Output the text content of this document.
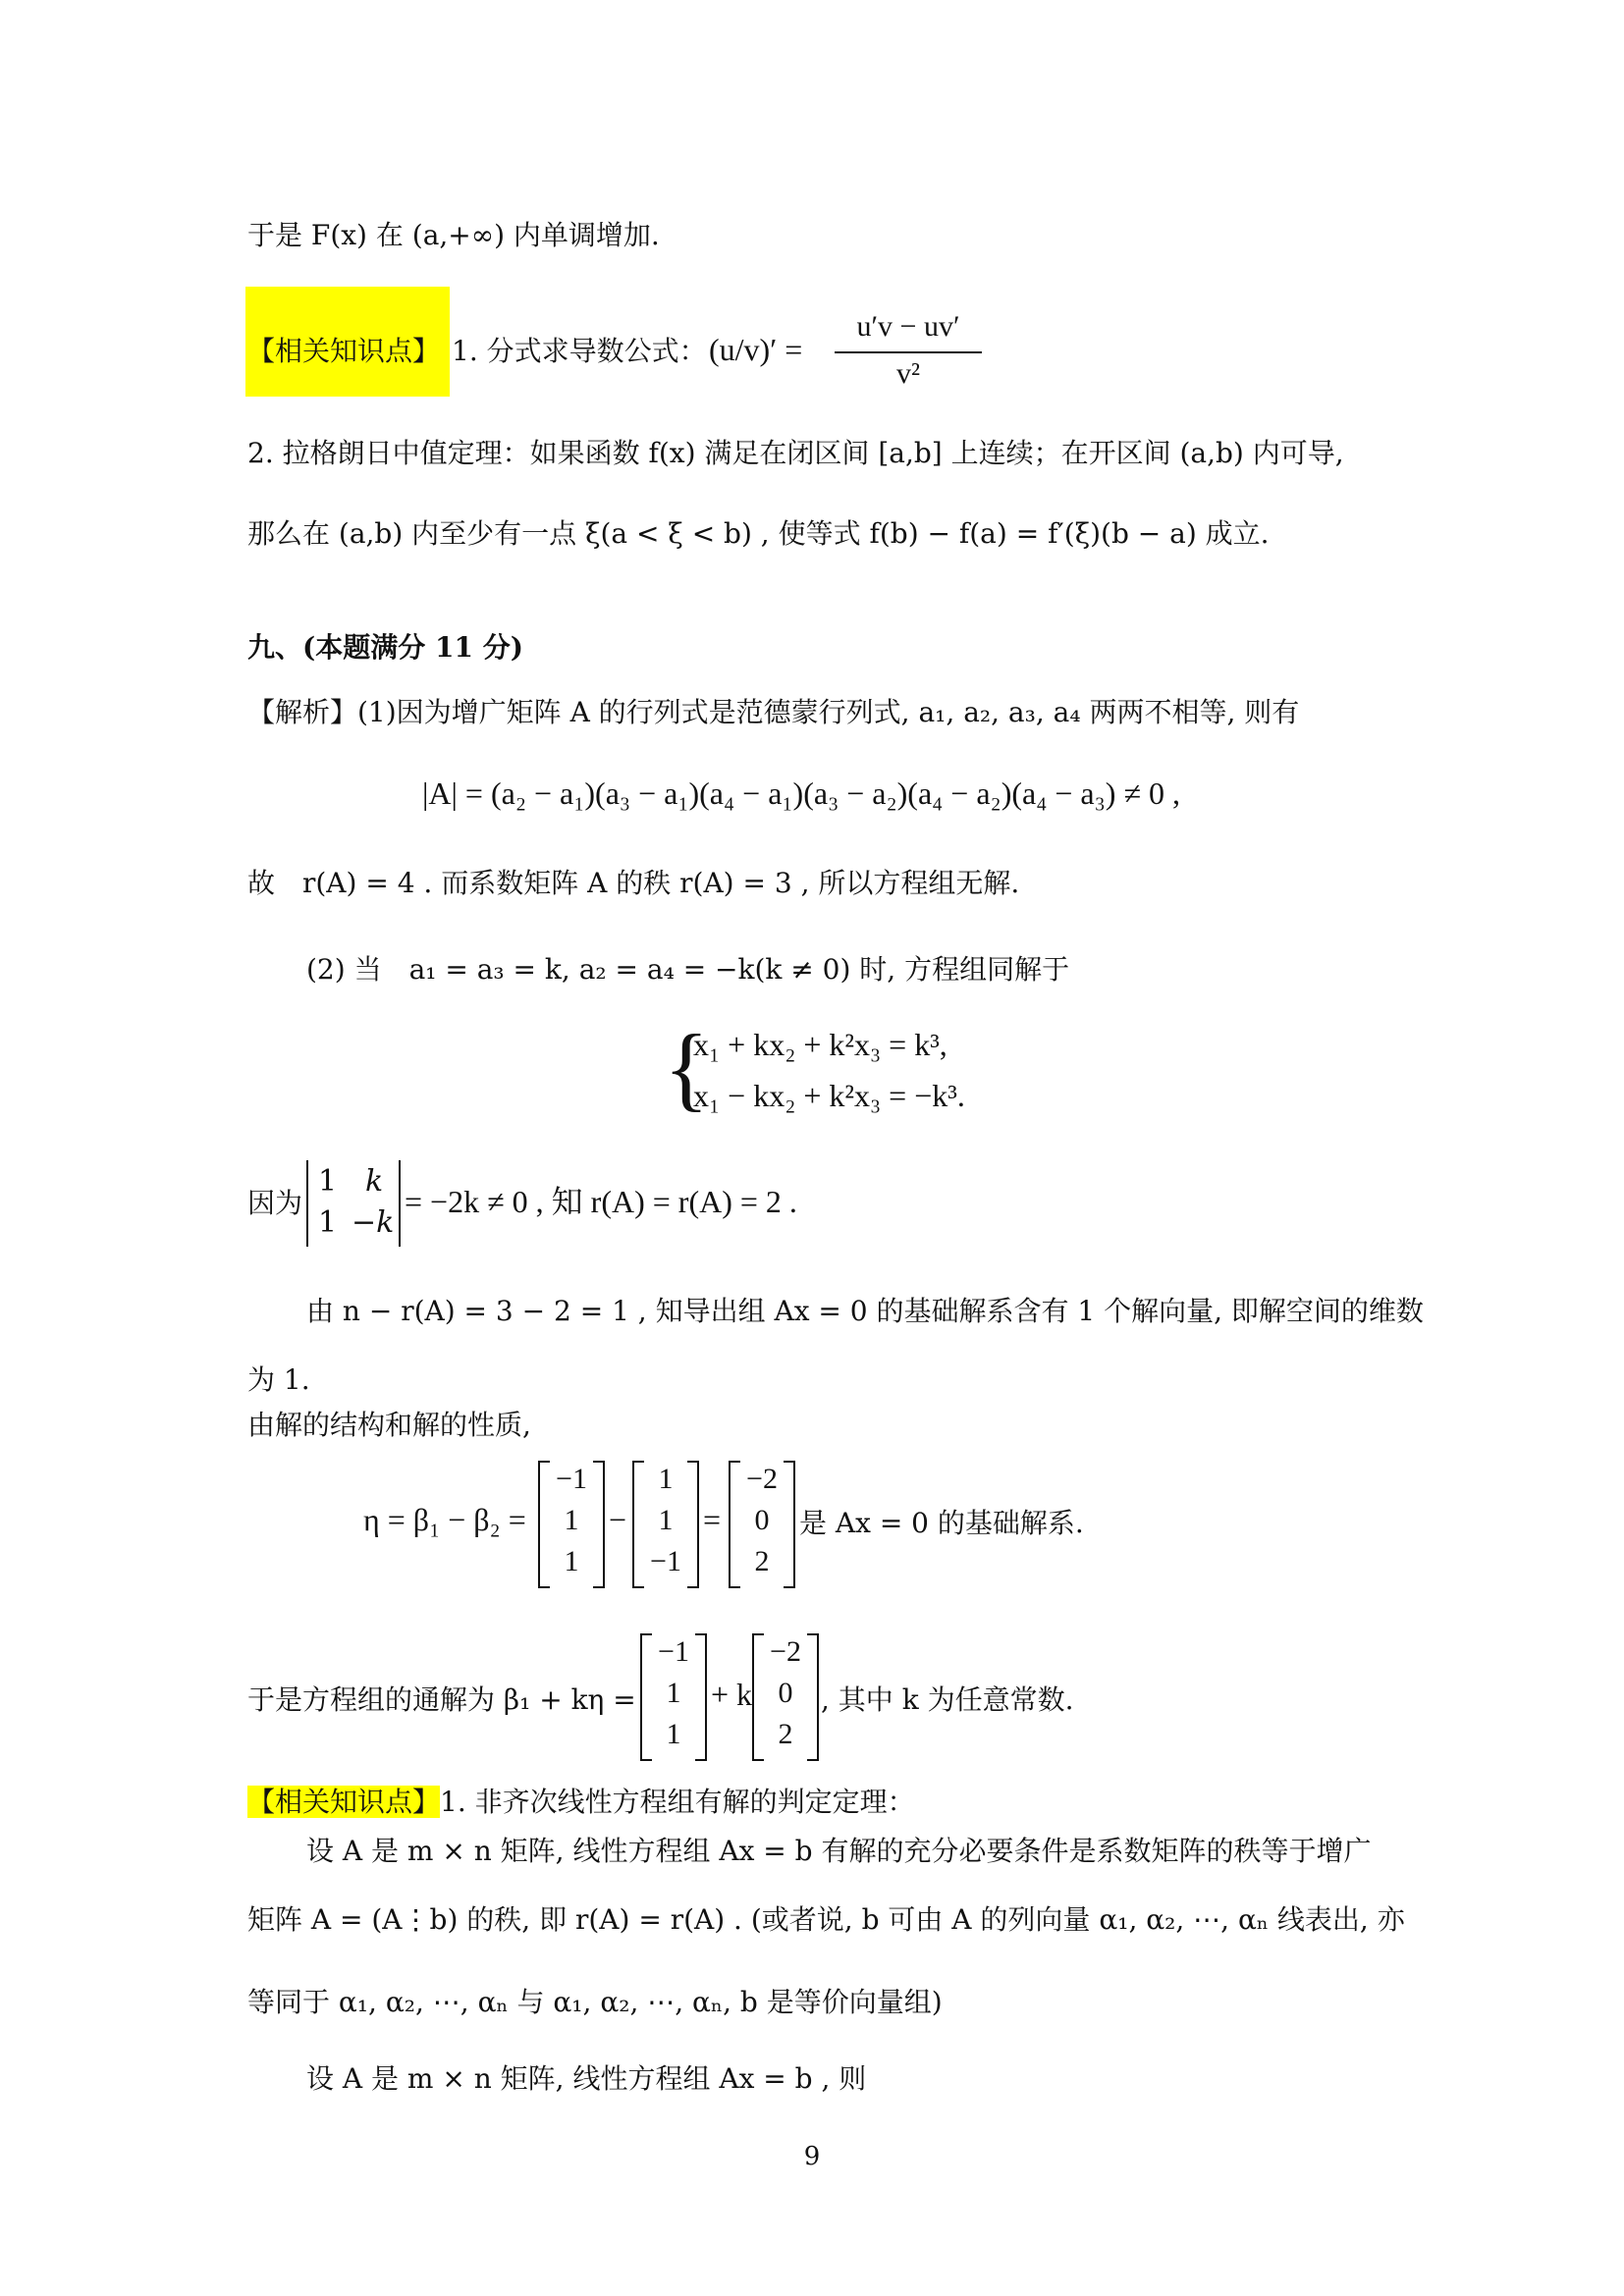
于是 F(x) 在 (a,+∞) 内单调增加.
【相关知识点】 1. 分式求导数公式： (u/v)′ =
u′v − uv′
v²
2. 拉格朗日中值定理：如果函数 f(x) 满足在闭区间 [a,b] 上连续；在开区间 (a,b) 内可导,
那么在 (a,b) 内至少有一点 ξ(a < ξ < b) , 使等式 f(b) − f(a) = f′(ξ)(b − a) 成立.
九、(本题满分 11 分)
【解析】(1)因为增广矩阵 A 的行列式是范德蒙行列式, a₁, a₂, a₃, a₄ 两两不相等, 则有
|A| = (a₂ − a₁)(a₃ − a₁)(a₄ − a₁)(a₃ − a₂)(a₄ − a₂)(a₄ − a₃) ≠ 0 ,
故　r(A) = 4 . 而系数矩阵 A 的秩 r(A) = 3 , 所以方程组无解.
(2) 当　a₁ = a₃ = k, a₂ = a₄ = −k(k ≠ 0) 时, 方程组同解于
{
x₁ + kx₂ + k²x₃ = k³,
x₁ − kx₂ + k²x₃ = −k³.
因为
1 k
1 −k
= −2k ≠ 0 , 知 r(A) = r(A) = 2 .
由 n − r(A) = 3 − 2 = 1 , 知导出组 Ax = 0 的基础解系含有 1 个解向量, 即解空间的维数
为 1.
由解的结构和解的性质,
η = β₁ − β₂ =
−1
1
1
−
1
1
−1
=
−2
0
2
是 Ax = 0 的基础解系.
于是方程组的通解为 β₁ + kη =
−1
1
1
+ k
−2
0
2
, 其中 k 为任意常数.
【相关知识点】1. 非齐次线性方程组有解的判定定理：
设 A 是 m × n 矩阵, 线性方程组 Ax = b 有解的充分必要条件是系数矩阵的秩等于增广
矩阵 A = (A⋮b) 的秩, 即 r(A) = r(A) . (或者说, b 可由 A 的列向量 α₁, α₂, ⋯, αₙ 线表出, 亦
等同于 α₁, α₂, ⋯, αₙ 与 α₁, α₂, ⋯, αₙ, b 是等价向量组)
设 A 是 m × n 矩阵, 线性方程组 Ax = b , 则
9
